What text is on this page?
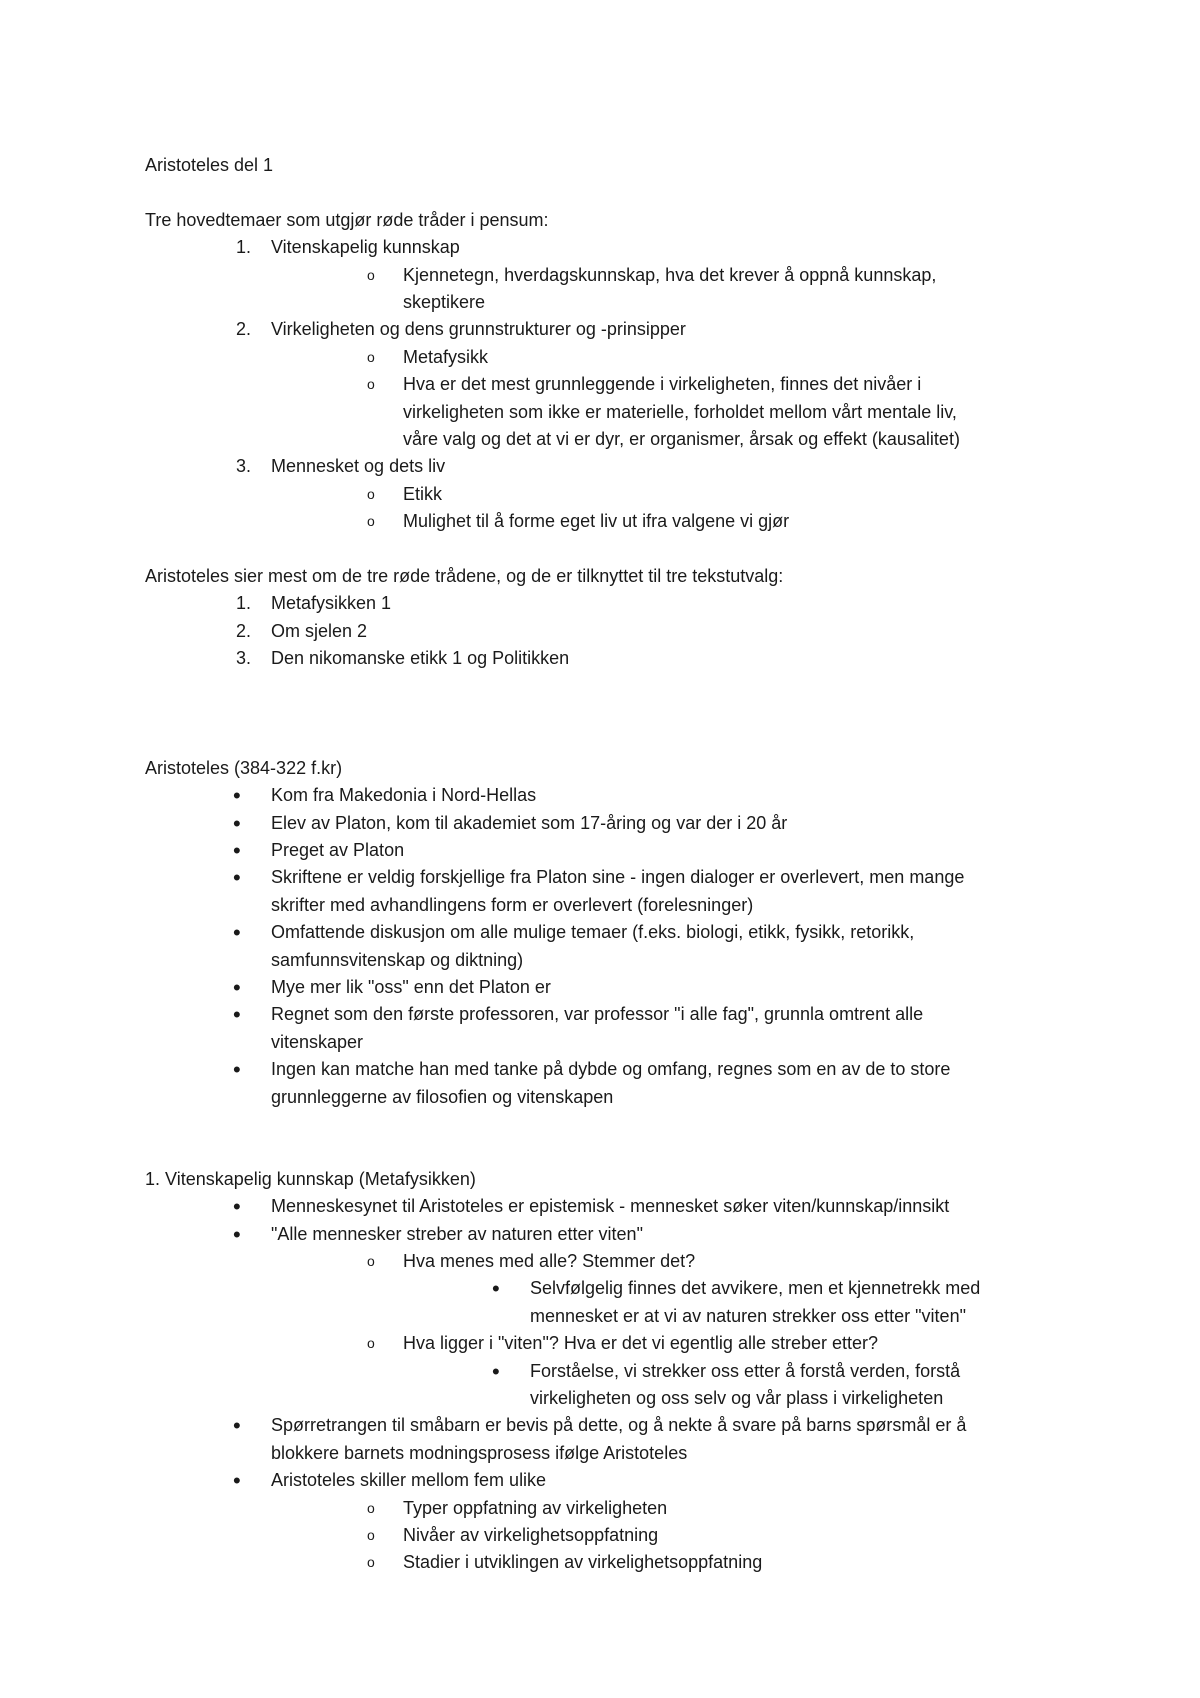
Aristoteles del 1
Tre hovedtemaer som utgjør røde tråder i pensum:
1. Vitenskapelig kunnskap
o Kjennetegn, hverdagskunnskap, hva det krever å oppnå kunnskap,
skeptikere
2. Virkeligheten og dens grunnstrukturer og -prinsipper
o Metafysikk
o Hva er det mest grunnleggende i virkeligheten, finnes det nivåer i
virkeligheten som ikke er materielle, forholdet mellom vårt mentale liv,
våre valg og det at vi er dyr, er organismer, årsak og effekt (kausalitet)
3. Mennesket og dets liv
o Etikk
o Mulighet til å forme eget liv ut ifra valgene vi gjør
Aristoteles sier mest om de tre røde trådene, og de er tilknyttet til tre tekstutvalg:
1. Metafysikken 1
2. Om sjelen 2
3. Den nikomanske etikk 1 og Politikken
Aristoteles (384-322 f.kr)
• Kom fra Makedonia i Nord-Hellas
• Elev av Platon, kom til akademiet som 17-åring og var der i 20 år
• Preget av Platon
• Skriftene er veldig forskjellige fra Platon sine - ingen dialoger er overlevert, men mange
skrifter med avhandlingens form er overlevert (forelesninger)
• Omfattende diskusjon om alle mulige temaer (f.eks. biologi, etikk, fysikk, retorikk,
samfunnsvitenskap og diktning)
• Mye mer lik "oss" enn det Platon er
• Regnet som den første professoren, var professor "i alle fag", grunnla omtrent alle
vitenskaper
• Ingen kan matche han med tanke på dybde og omfang, regnes som en av de to store
grunnleggerne av filosofien og vitenskapen
1. Vitenskapelig kunnskap (Metafysikken)
• Menneskesynet til Aristoteles er epistemisk - mennesket søker viten/kunnskap/innsikt
• "Alle mennesker streber av naturen etter viten"
o Hva menes med alle? Stemmer det?
• Selvfølgelig finnes det avvikere, men et kjennetrekk med
mennesket er at vi av naturen strekker oss etter "viten"
o Hva ligger i "viten"? Hva er det vi egentlig alle streber etter?
• Forståelse, vi strekker oss etter å forstå verden, forstå
virkeligheten og oss selv og vår plass i virkeligheten
• Spørretrangen til småbarn er bevis på dette, og å nekte å svare på barns spørsmål er å
blokkere barnets modningsprosess ifølge Aristoteles
• Aristoteles skiller mellom fem ulike
o Typer oppfatning av virkeligheten
o Nivåer av virkelighetsoppfatning
o Stadier i utviklingen av virkelighetsoppfatning
